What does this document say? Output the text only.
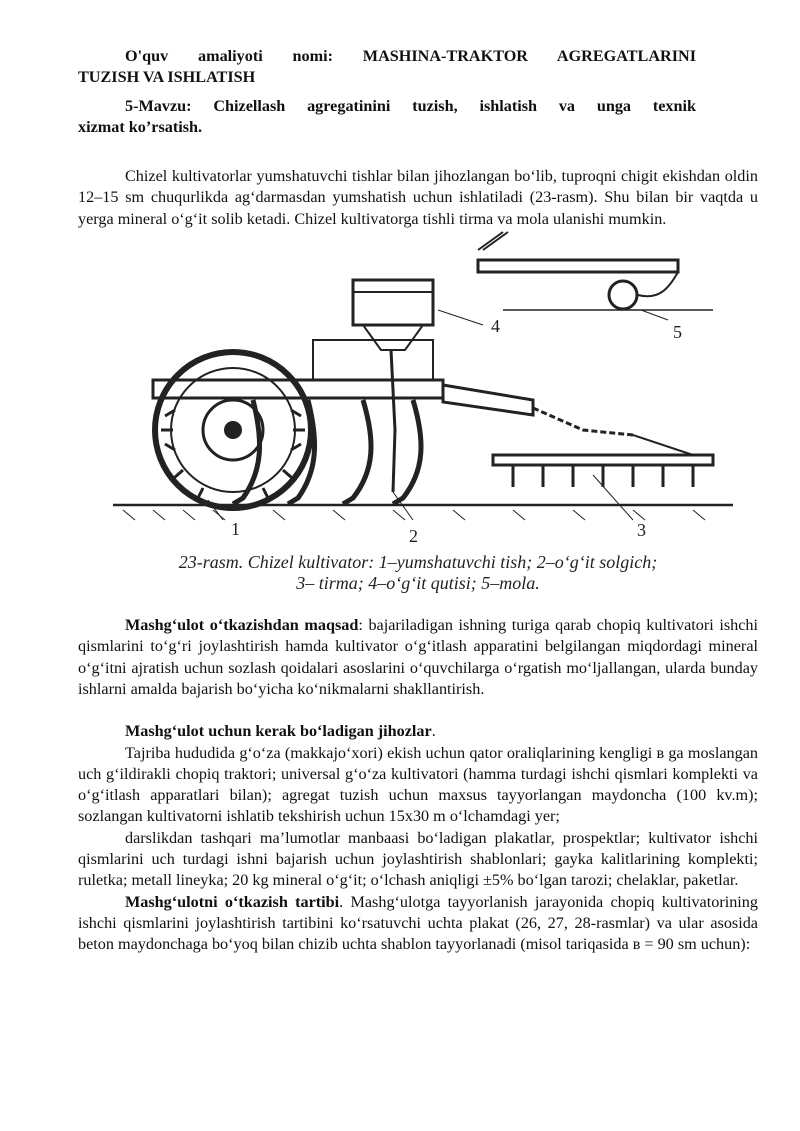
O'quv amaliyoti nomi: MASHINA-TRAKTOR AGREGATLARINI
TUZISH VA ISHLATISH
5-Mavzu: Chizellash agregatinini tuzish, ishlatish va unga texnik
xizmat ko’rsatish.

Chizel kultivatorlar yumshatuvchi tishlar bilan jihozlangan bo‘lib, tuproqni chigit ekishdan oldin 12–15 sm chuqurlikda ag‘darmasdan yumshatish uchun ishlatiladi (23-rasm). Shu bilan bir vaqtda u yerga mineral o‘g‘it solib ketadi. Chizel kultivatorga tishli tirma va mola ulanishi mumkin.

1	2	3
4	5
23-rasm. Chizel kultivator: 1–yumshatuvchi tish; 2–o‘g‘it solgich;
3– tirma; 4–o‘g‘it qutisi; 5–mola.

Mashg‘ulot o‘tkazishdan maqsad: bajariladigan ishning turiga qarab chopiq kultivatori ishchi qismlarini to‘g‘ri joylashtirish hamda kultivator o‘g‘itlash apparatini belgilangan miqdordagi mineral o‘g‘itni ajratish uchun sozlash qoidalari asoslarini o‘quvchilarga o‘rgatish mo‘ljallangan, ularda bunday ishlarni amalda bajarish bo‘yicha ko‘nikmalarni shakllantirish.

Mashg‘ulot uchun kerak bo‘ladigan jihozlar.

Tajriba hududida g‘o‘za (makkajo‘xori) ekish uchun qator oraliqlarining kengligi в ga moslangan uch g‘ildirakli chopiq traktori; universal g‘o‘za kultivatori (hamma turdagi ishchi qismlari komplekti va o‘g‘itlash apparatlari bilan); agregat tuzish uchun maxsus tayyorlangan maydoncha (100 kv.m); sozlangan kultivatorni ishlatib tekshirish uchun 15x30 m o‘lchamdagi yer;

darslikdan tashqari ma’lumotlar manbaasi bo‘ladigan plakatlar, prospektlar; kultivator ishchi qismlarini uch turdagi ishni bajarish uchun joylashtirish shablonlari; gayka kalitlarining komplekti; ruletka; metall lineyka; 20 kg mineral o‘g‘it; o‘lchash aniqligi ±5% bo‘lgan tarozi; chelaklar, paketlar.

Mashg‘ulotni o‘tkazish tartibi. Mashg‘ulotga tayyorlanish jarayonida chopiq kultivatorining ishchi qismlarini joylashtirish tartibini ko‘rsatuvchi uchta plakat (26, 27, 28-rasmlar) va ular asosida beton maydonchaga bo‘yoq bilan chizib uchta shablon tayyorlanadi (misol tariqasida в = 90 sm uchun):
